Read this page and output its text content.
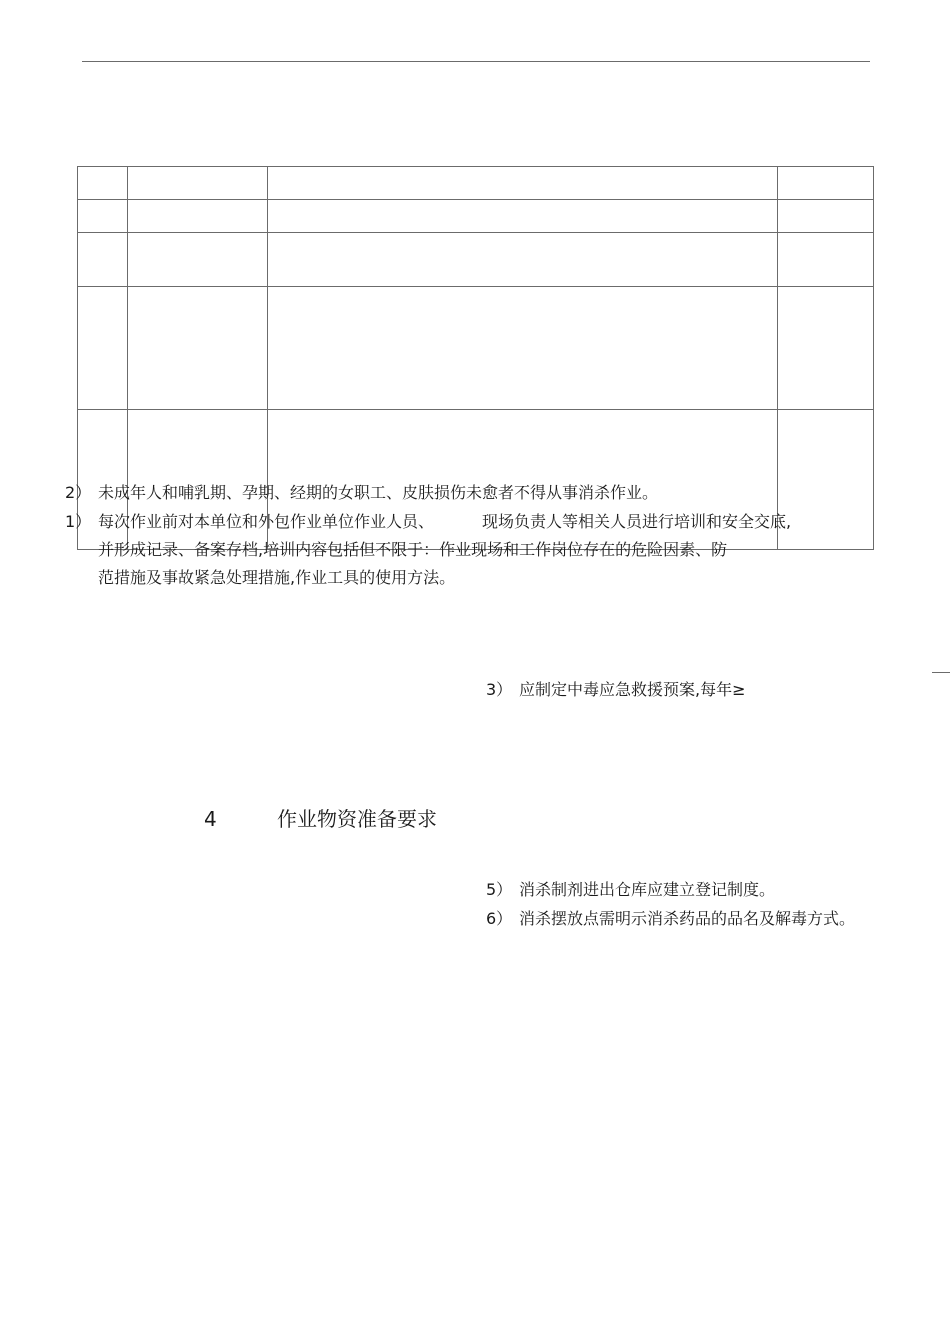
2） 未成年人和哺乳期、孕期、经期的女职工、皮肤损伤未愈者不得从事消杀作业。
1） 每次作业前对本单位和外包作业单位作业人员、	现场负责人等相关人员进行培训和安全交底,
并形成记录、备案存档,培训内容包括但不限于：作业现场和工作岗位存在的危险因素、防
范措施及事故紧急处理措施,作业工具的使用方法。
3） 应制定中毒应急救援预案,每年≥
4	作业物资准备要求
5） 消杀制剂进出仓库应建立登记制度。
6） 消杀摆放点需明示消杀药品的品名及解毒方式。
